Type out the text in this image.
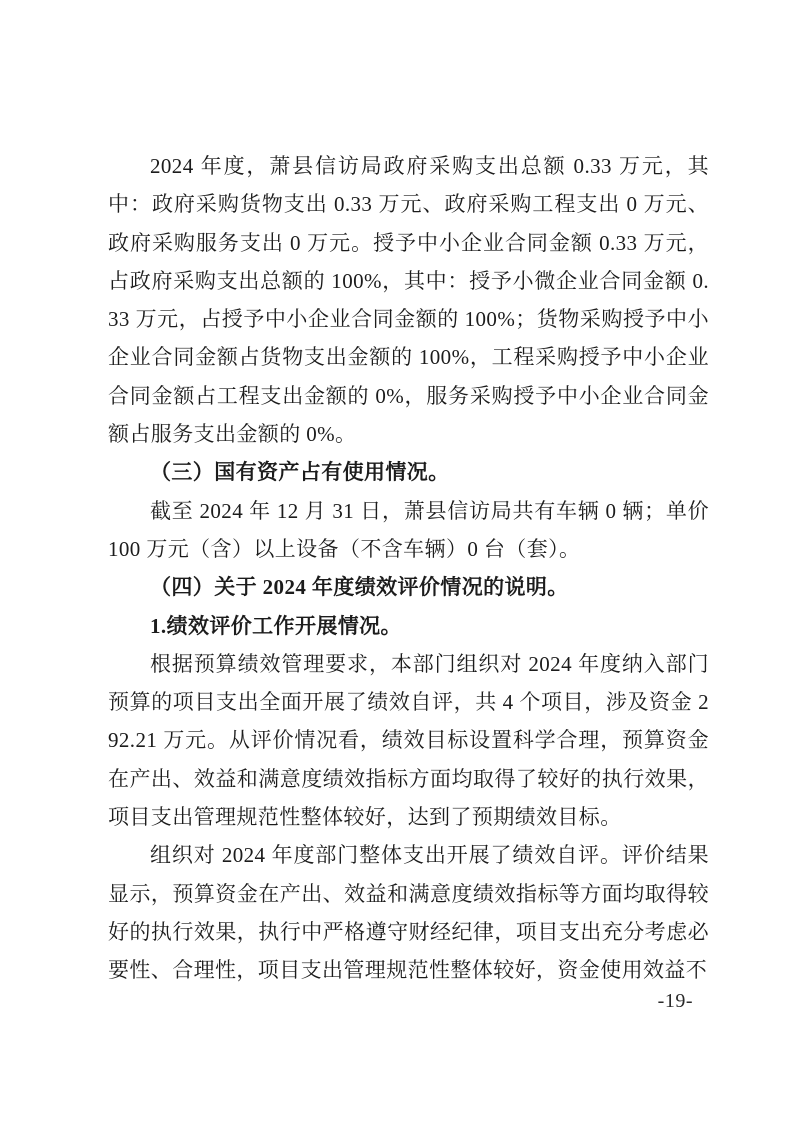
2024 年度，萧县信访局政府采购支出总额 0.33 万元，其中：政府采购货物支出 0.33 万元、政府采购工程支出 0 万元、政府采购服务支出 0 万元。授予中小企业合同金额 0.33 万元，占政府采购支出总额的 100%，其中：授予小微企业合同金额 0.33 万元，占授予中小企业合同金额的 100%；货物采购授予中小企业合同金额占货物支出金额的 100%，工程采购授予中小企业合同金额占工程支出金额的 0%，服务采购授予中小企业合同金额占服务支出金额的 0%。

（三）国有资产占有使用情况。

截至 2024 年 12 月 31 日，萧县信访局共有车辆 0 辆；单价 100 万元（含）以上设备（不含车辆）0 台（套）。

（四）关于 2024 年度绩效评价情况的说明。

1.绩效评价工作开展情况。

根据预算绩效管理要求，本部门组织对 2024 年度纳入部门预算的项目支出全面开展了绩效自评，共 4 个项目，涉及资金 292.21 万元。从评价情况看，绩效目标设置科学合理，预算资金在产出、效益和满意度绩效指标方面均取得了较好的执行效果，项目支出管理规范性整体较好，达到了预期绩效目标。

组织对 2024 年度部门整体支出开展了绩效自评。评价结果显示，预算资金在产出、效益和满意度绩效指标等方面均取得较好的执行效果，执行中严格遵守财经纪律，项目支出充分考虑必要性、合理性，项目支出管理规范性整体较好，资金使用效益不

-19-
